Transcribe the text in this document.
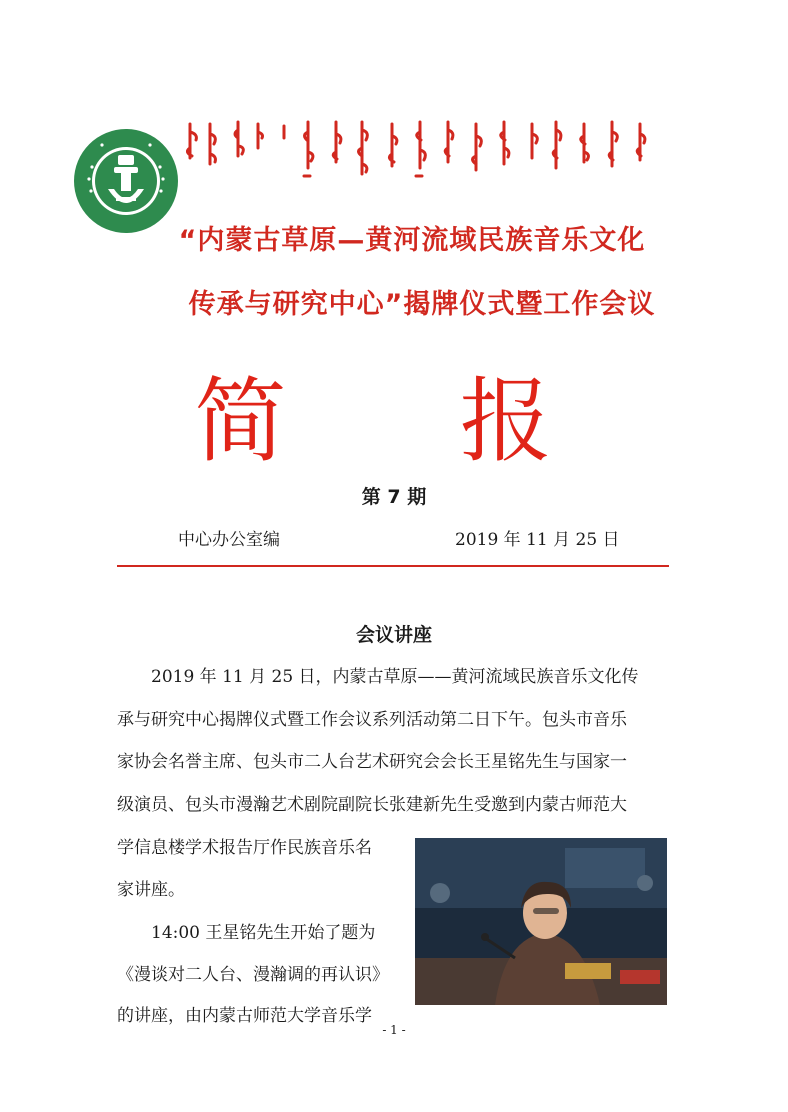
“内蒙古草原—黄河流域民族音乐文化
传承与研究中心”揭牌仪式暨工作会议
简 报
第 7 期
中心办公室编	2019 年 11 月 25 日
会议讲座
2019 年 11 月 25 日，内蒙古草原——黄河流域民族音乐文化传
承与研究中心揭牌仪式暨工作会议系列活动第二日下午。包头市音乐
家协会名誉主席、包头市二人台艺术研究会会长王星铭先生与国家一
级演员、包头市漫瀚艺术剧院副院长张建新先生受邀到内蒙古师范大
学信息楼学术报告厅作民族音乐名
家讲座。
14:00 王星铭先生开始了题为
《漫谈对二人台、漫瀚调的再认识》
的讲座，由内蒙古师范大学音乐学
- 1 -
